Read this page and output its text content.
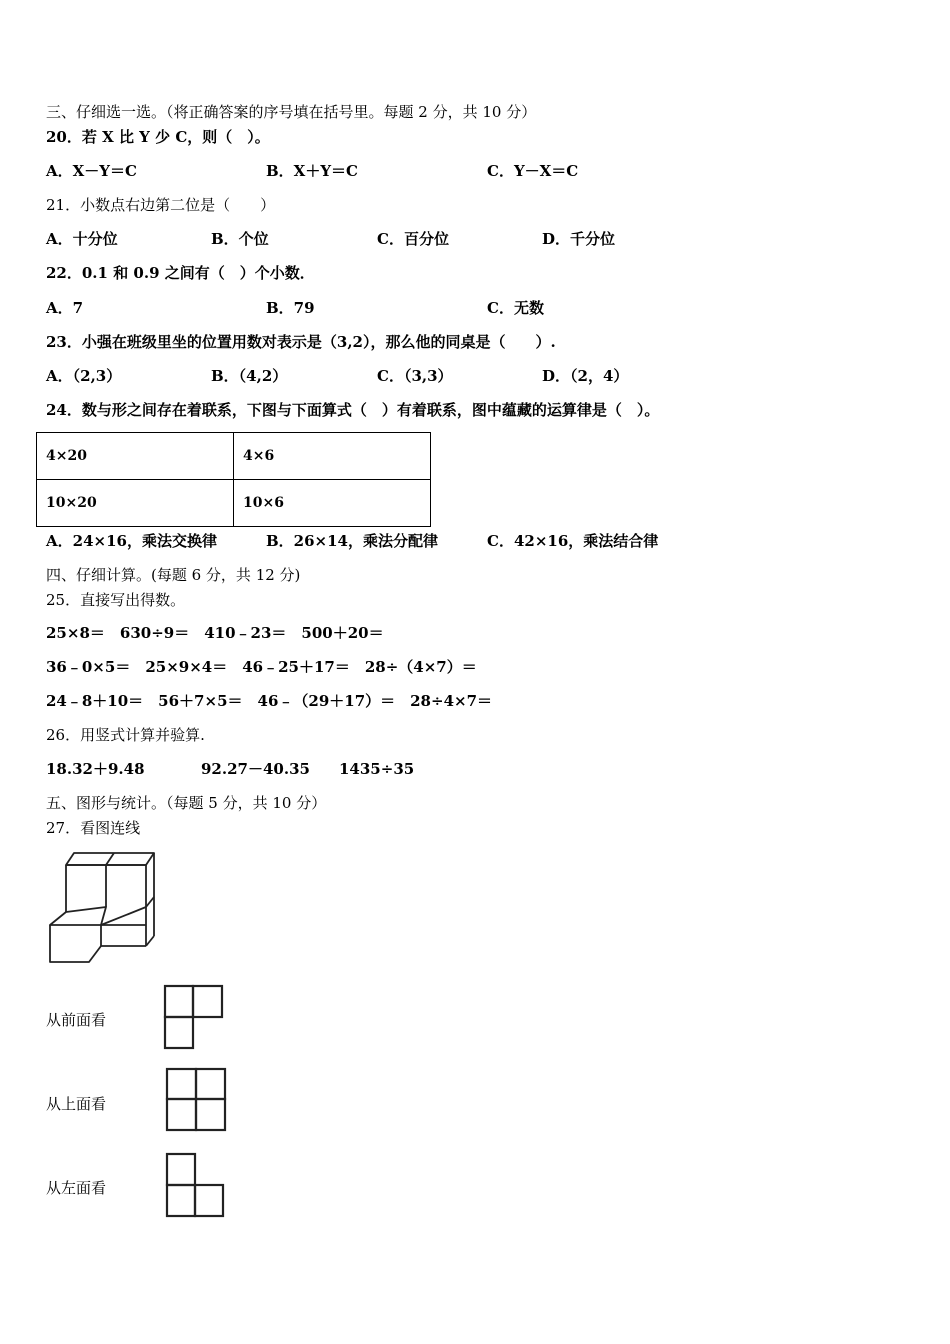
三、仔细选一选。（将正确答案的序号填在括号里。每题 2 分，共 10 分）
20．若 X 比 Y 少 C，则（　）。
A．X－Y＝C	B．X＋Y＝C	C．Y－X＝C
21．小数点右边第二位是（　　）
A．十分位	B．个位	C．百分位	D．千分位
22．0.1 和 0.9 之间有（　）个小数．
A．7	B．79	C．无数
23．小强在班级里坐的位置用数对表示是（3,2），那么他的同桌是（　　）.
A．（2,3）	B．（4,2）	C．（3,3）	D．（2，4）
24．数与形之间存在着联系，下图与下面算式（　）有着联系，图中蕴藏的运算律是（　）。
4×20	4×6
10×20	10×6
A．24×16，乘法交换律	B．26×14，乘法分配律	C．42×16，乘法结合律
四、仔细计算。(每题 6 分，共 12 分)
25．直接写出得数。
25×8＝　630÷9＝　410﹣23＝　500＋20＝
36﹣0×5＝　25×9×4＝　46﹣25＋17＝　28÷（4×7）＝
24﹣8＋10＝　56＋7×5＝　46﹣（29＋17）＝　28÷4×7＝
26．用竖式计算并验算.
18.32＋9.48	92.27－40.35 1435÷35
五、图形与统计。（每题 5 分，共 10 分）
27．看图连线
从前面看
从上面看
从左面看
